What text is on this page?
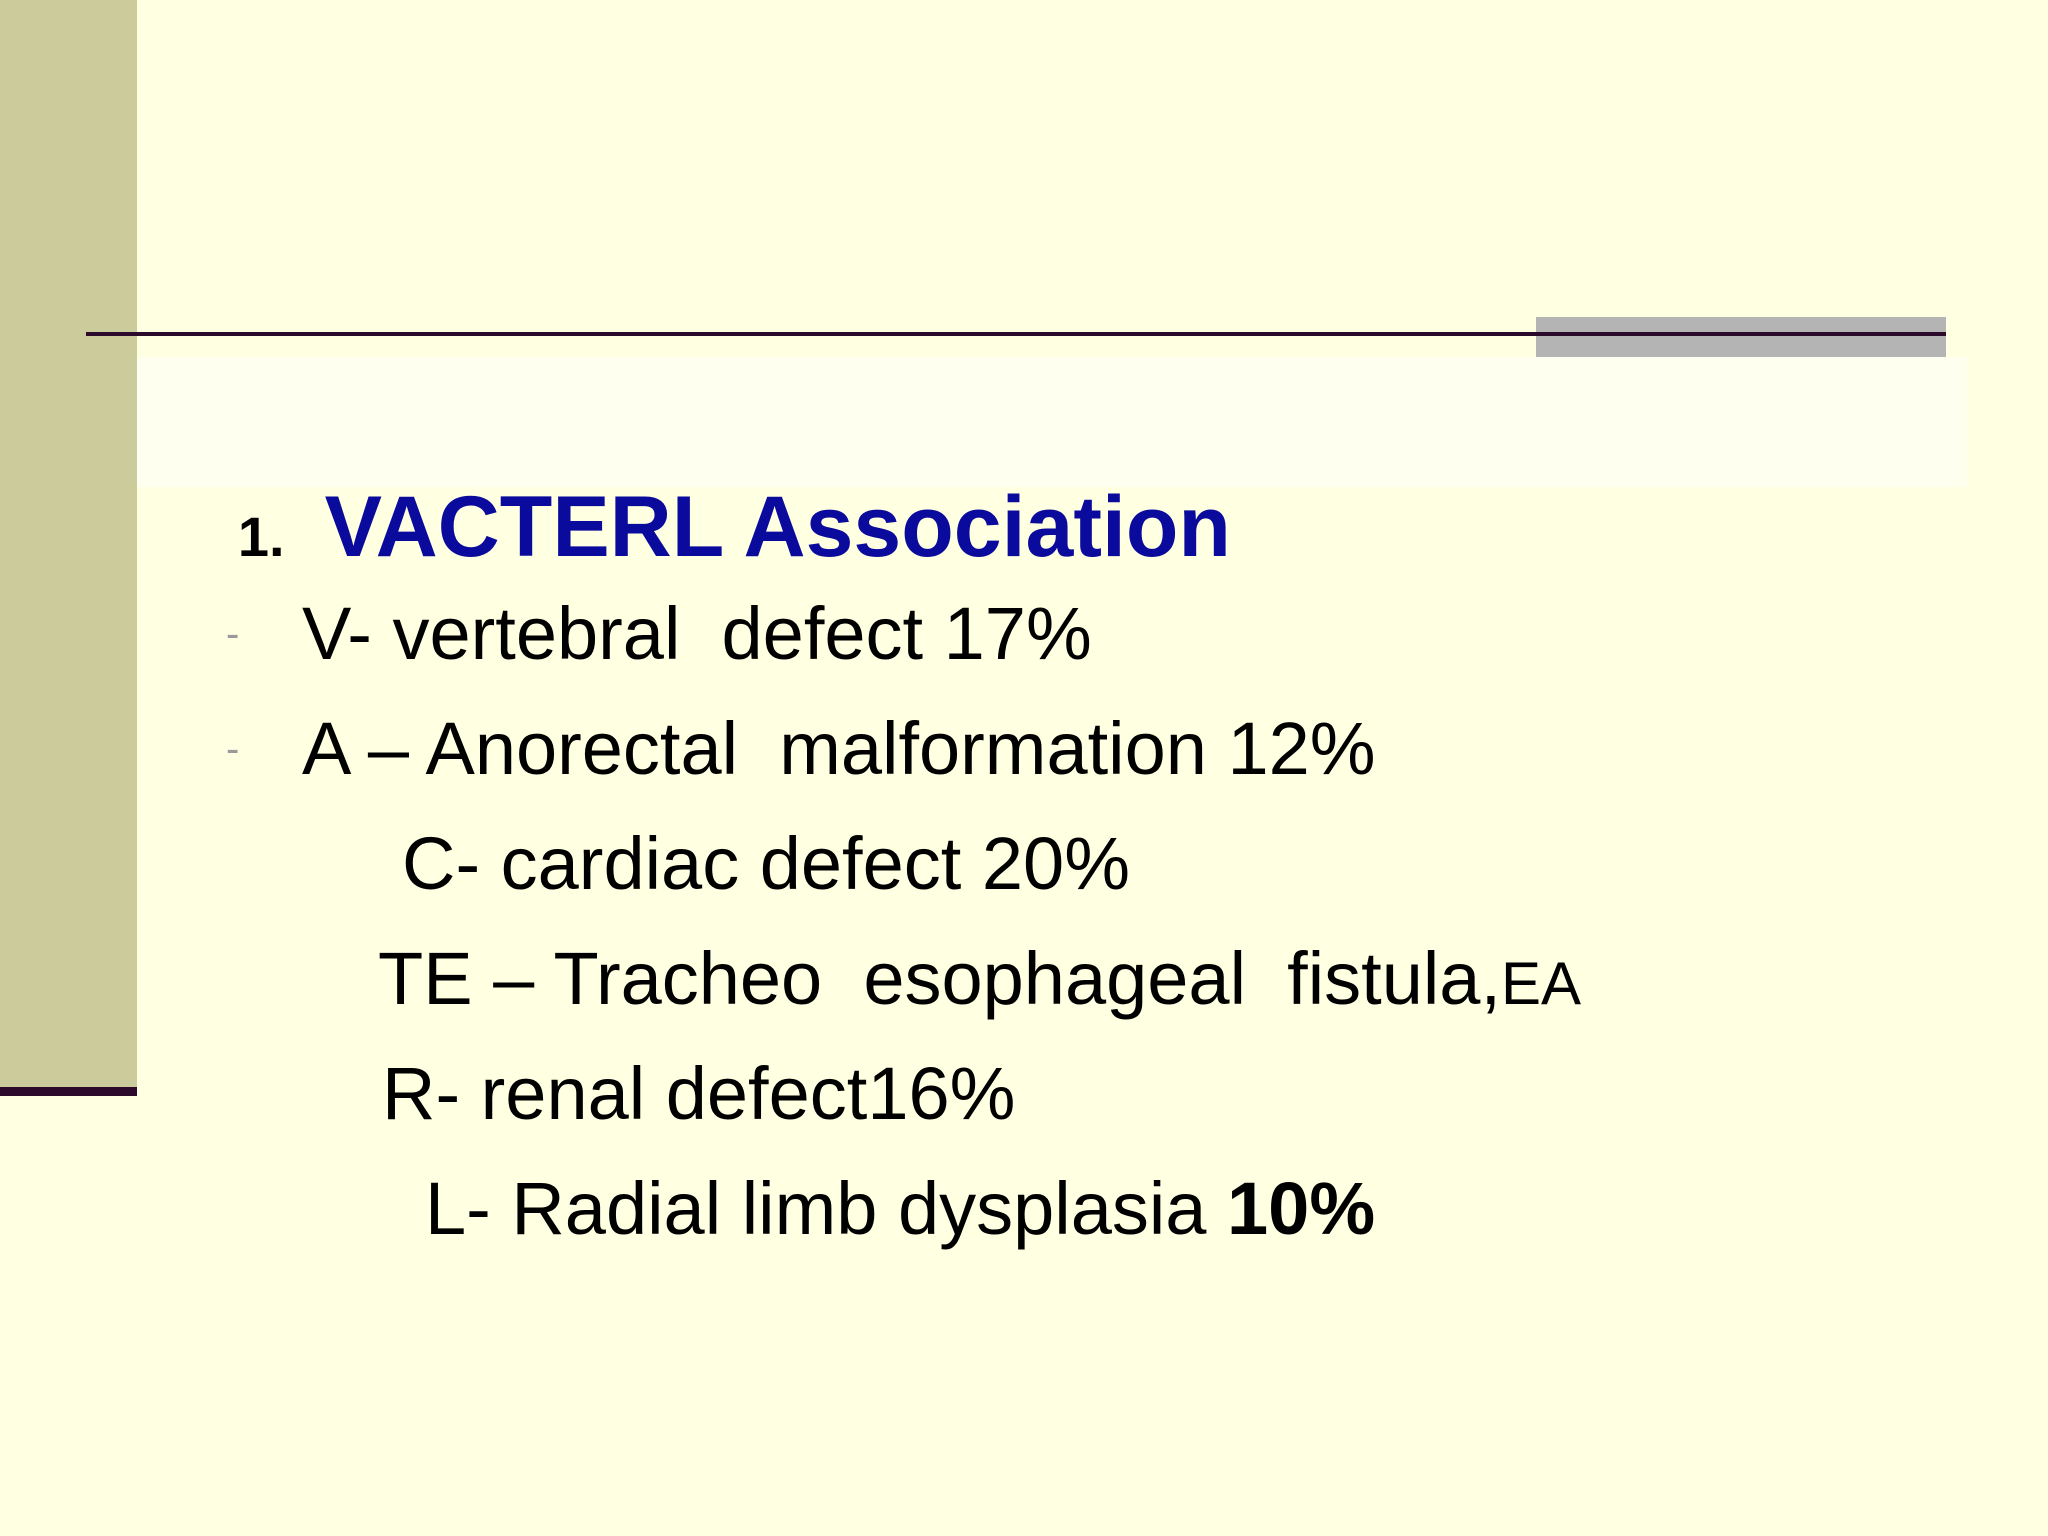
1. VACTERL Association

- V- vertebral  defect 17%
- A – Anorectal  malformation 12%
C- cardiac defect 20%
TE – Tracheo  esophageal  fistula,EA
R- renal defect16%
L- Radial limb dysplasia 10%
